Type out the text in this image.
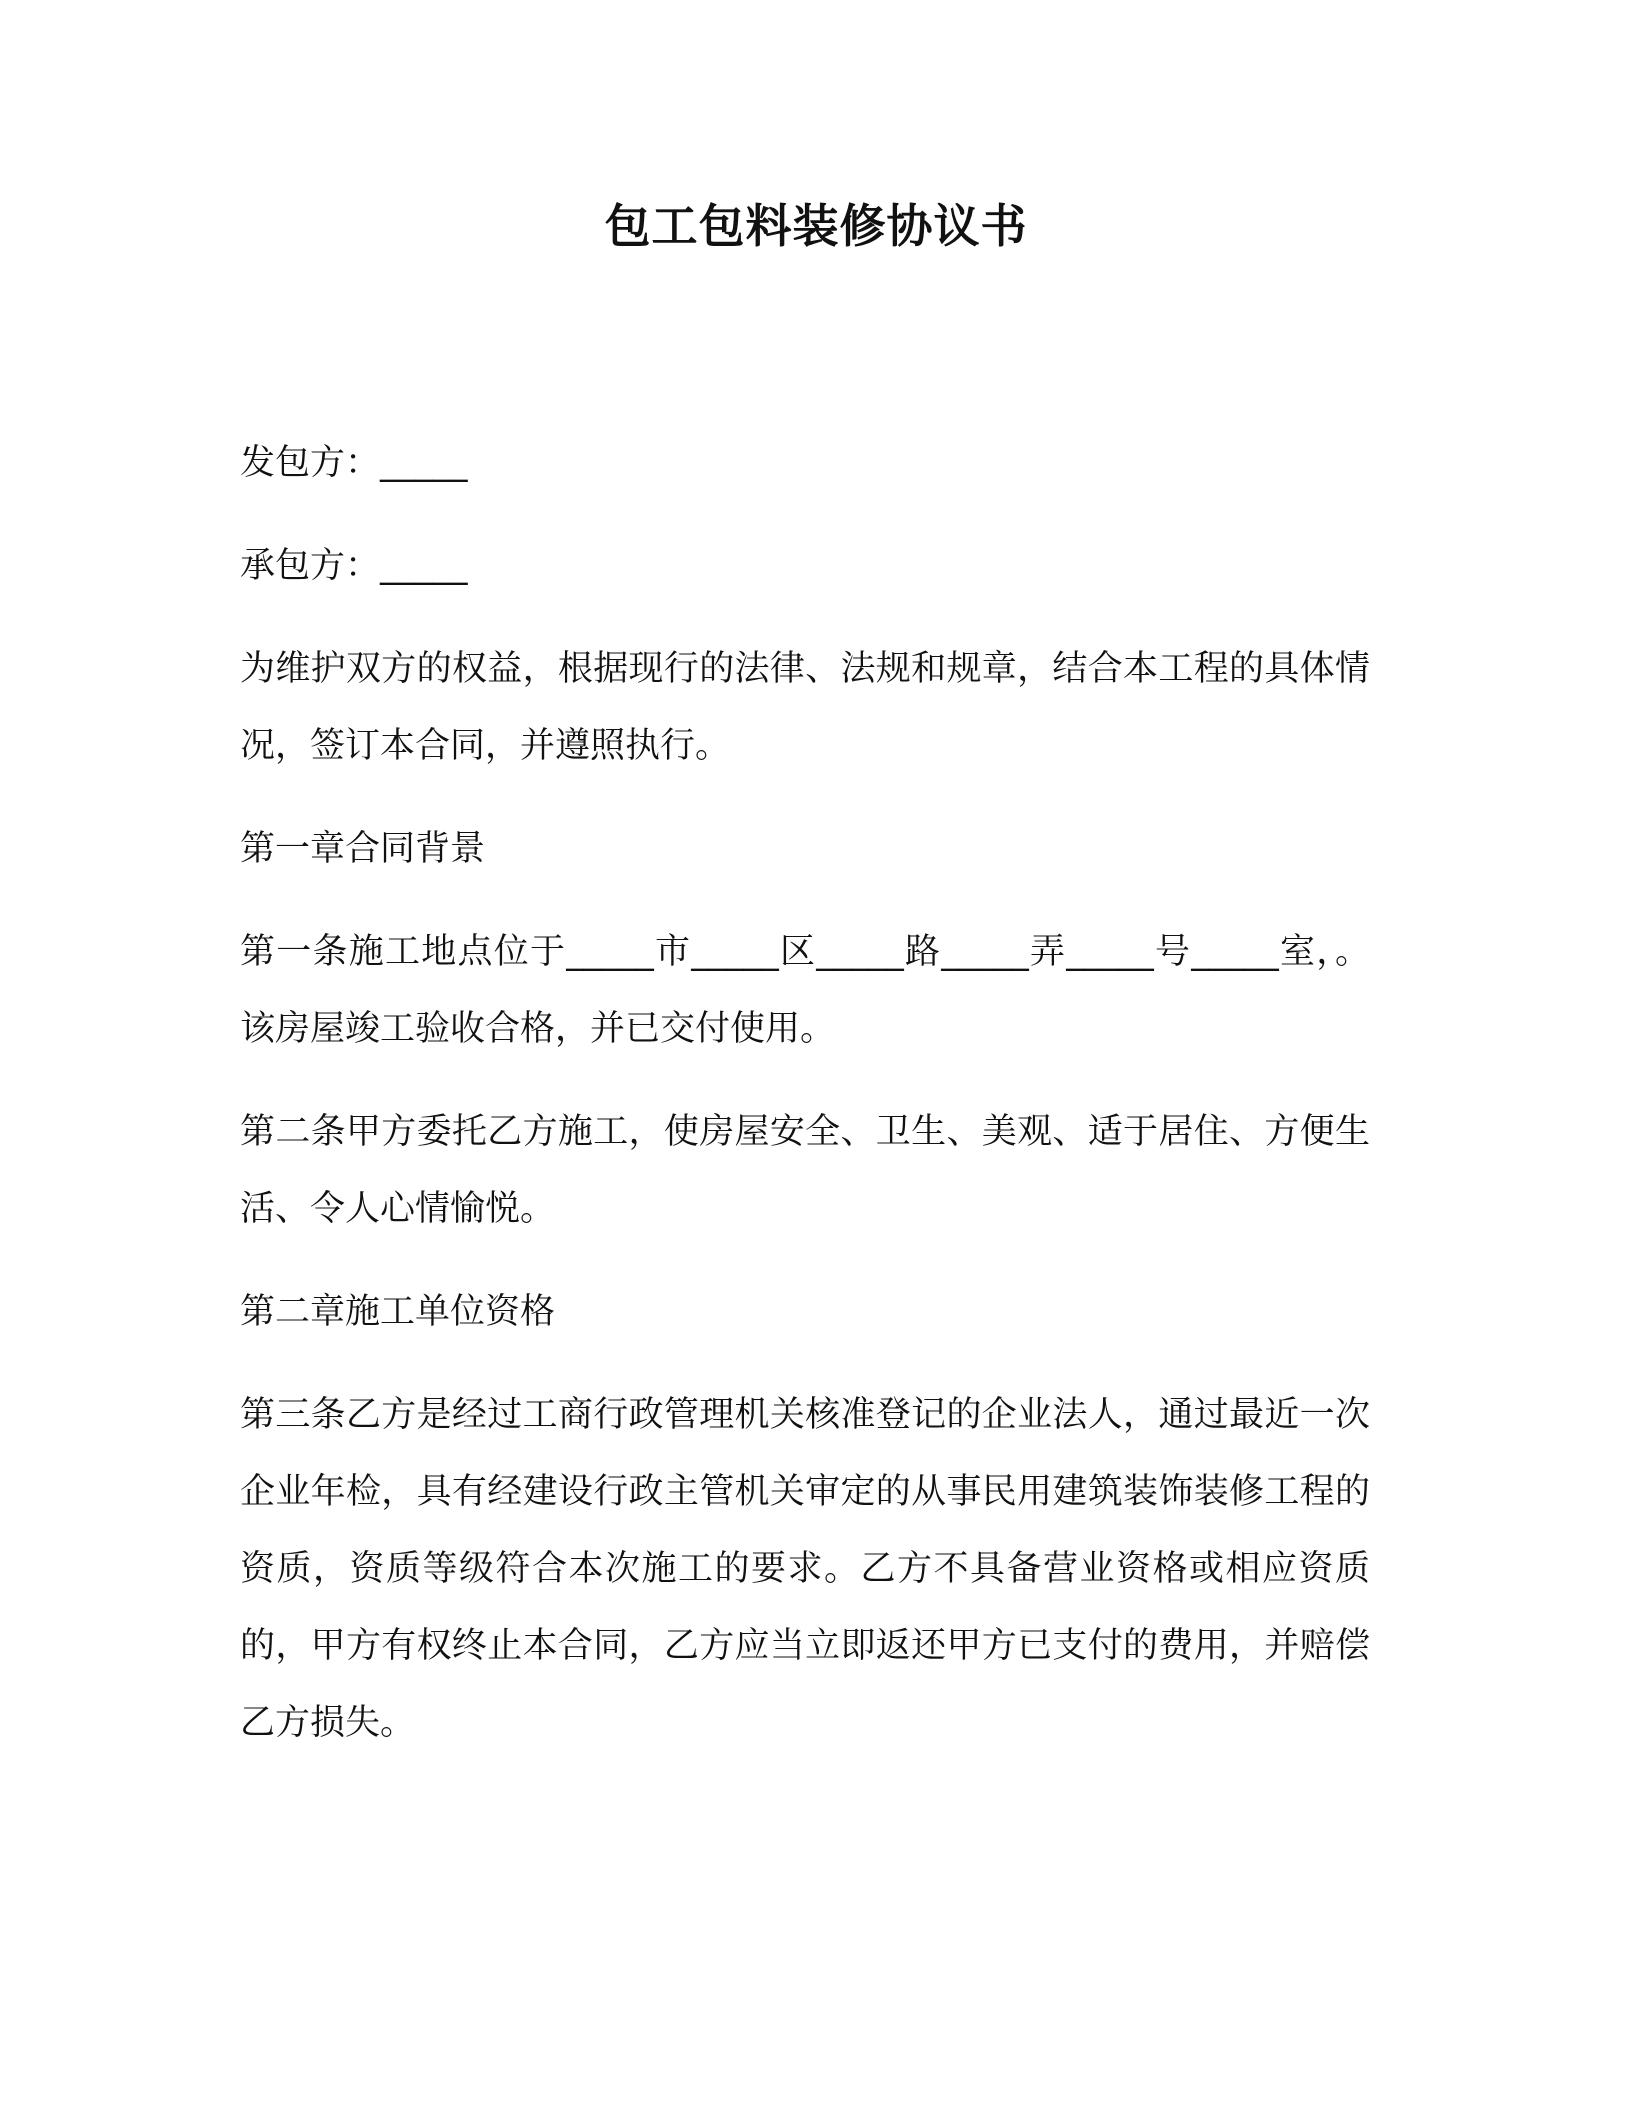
包工包料装修协议书

发包方：_____

承包方：_____

为维护双方的权益，根据现行的法律、法规和规章，结合本工程的具体情况，签订本合同，并遵照执行。

第一章合同背景

第一条施工地点位于_____市_____区_____路_____弄_____号_____室，。该房屋竣工验收合格，并已交付使用。

第二条甲方委托乙方施工，使房屋安全、卫生、美观、适于居住、方便生活、令人心情愉悦。

第二章施工单位资格

第三条乙方是经过工商行政管理机关核准登记的企业法人，通过最近一次企业年检，具有经建设行政主管机关审定的从事民用建筑装饰装修工程的资质，资质等级符合本次施工的要求。乙方不具备营业资格或相应资质的，甲方有权终止本合同，乙方应当立即返还甲方已支付的费用，并赔偿乙方损失。
